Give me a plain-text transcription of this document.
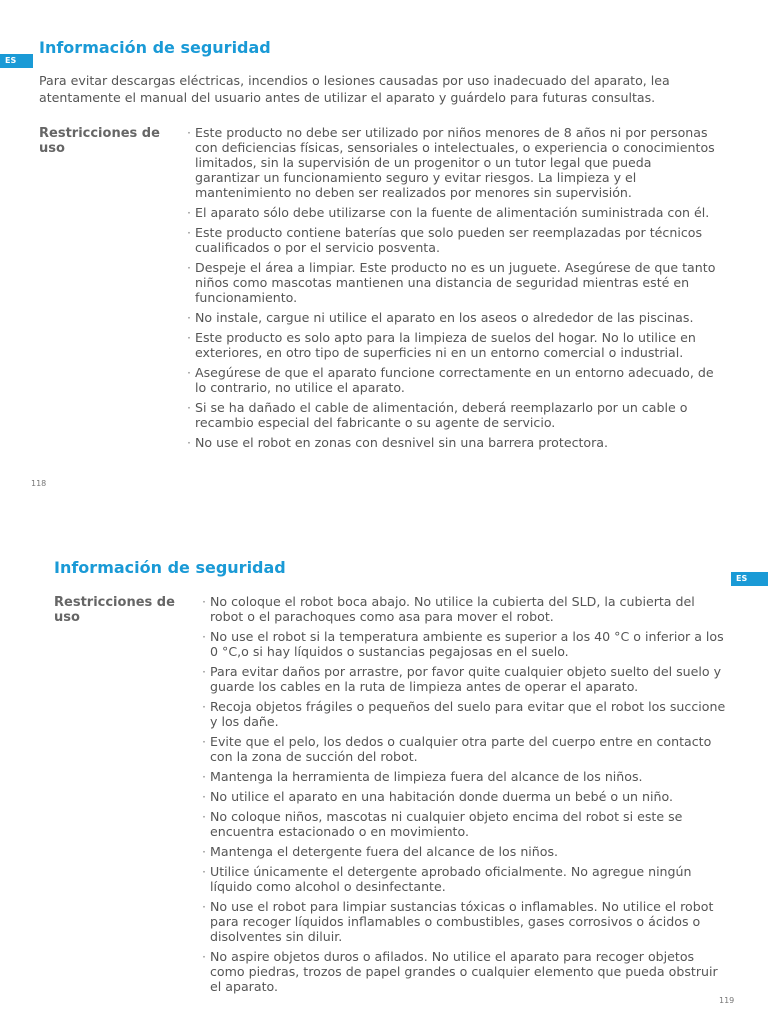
ES
Información de seguridad

Para evitar descargas eléctricas, incendios o lesiones causadas por uso inadecuado del aparato, lea atentamente el manual del usuario antes de utilizar el aparato y guárdelo para futuras consultas.

Restricciones de uso
· Este producto no debe ser utilizado por niños menores de 8 años ni por personas con deficiencias físicas, sensoriales o intelectuales, o experiencia o conocimientos limitados, sin la supervisión de un progenitor o un tutor legal que pueda garantizar un funcionamiento seguro y evitar riesgos. La limpieza y el mantenimiento no deben ser realizados por menores sin supervisión.
· El aparato sólo debe utilizarse con la fuente de alimentación suministrada con él.
· Este producto contiene baterías que solo pueden ser reemplazadas por técnicos cualificados o por el servicio posventa.
· Despeje el área a limpiar. Este producto no es un juguete. Asegúrese de que tanto niños como mascotas mantienen una distancia de seguridad mientras esté en funcionamiento.
· No instale, cargue ni utilice el aparato en los aseos o alrededor de las piscinas.
· Este producto es solo apto para la limpieza de suelos del hogar. No lo utilice en exteriores, en otro tipo de superficies ni en un entorno comercial o industrial.
· Asegúrese de que el aparato funcione correctamente en un entorno adecuado, de lo contrario, no utilice el aparato.
· Si se ha dañado el cable de alimentación, deberá reemplazarlo por un cable o recambio especial del fabricante o su agente de servicio.
· No use el robot en zonas con desnivel sin una barrera protectora.
118
ES
Información de seguridad
Restricciones de uso
· No coloque el robot boca abajo. No utilice la cubierta del SLD, la cubierta del robot o el parachoques como asa para mover el robot.
· No use el robot si la temperatura ambiente es superior a los 40 °C o inferior a los 0 °C,o si hay líquidos o sustancias pegajosas en el suelo.
· Para evitar daños por arrastre, por favor quite cualquier objeto suelto del suelo y guarde los cables en la ruta de limpieza antes de operar el aparato.
· Recoja objetos frágiles o pequeños del suelo para evitar que el robot los succione y los dañe.
· Evite que el pelo, los dedos o cualquier otra parte del cuerpo entre en contacto con la zona de succión del robot.
· Mantenga la herramienta de limpieza fuera del alcance de los niños.
· No utilice el aparato en una habitación donde duerma un bebé o un niño.
· No coloque niños, mascotas ni cualquier objeto encima del robot si este se encuentra estacionado o en movimiento.
· Mantenga el detergente fuera del alcance de los niños.
· Utilice únicamente el detergente aprobado oficialmente. No agregue ningún líquido como alcohol o desinfectante.
· No use el robot para limpiar sustancias tóxicas o inflamables. No utilice el robot para recoger líquidos inflamables o combustibles, gases corrosivos o ácidos o disolventes sin diluir.
· No aspire objetos duros o afilados. No utilice el aparato para recoger objetos como piedras, trozos de papel grandes o cualquier elemento que pueda obstruir el aparato.
119
